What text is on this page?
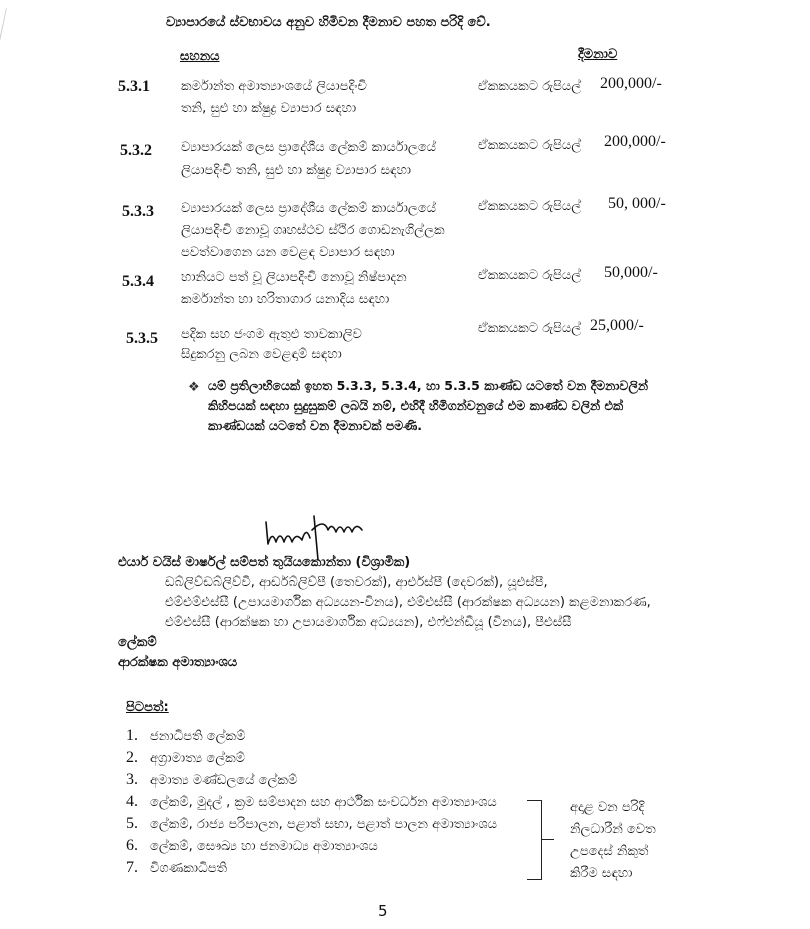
ව්‍යාපාරයේ ස්වභාවය අනුව හිමිවන දීමනාව පහත පරිදි වේ.
සහනය	දීමනාව
5.3.1 කර්මාන්ත අමාත්‍යාංශයේ ලියාපදිංචි
තනි, සුළු හා ක්ෂුද්‍ර ව්‍යාපාර සඳහා
ඒකකයකට රුපියල් 200,000/-
5.3.2 ව්‍යාපාරයක් ලෙස ප්‍රාදේශීය ලේකම් කාර්යාලයේ
ලියාපදිංචි තනි, සුළු හා ක්ෂුද්‍ර ව්‍යාපාර සඳහා
ඒකකයකට රුපියල් 200,000/-
5.3.3 ව්‍යාපාරයක් ලෙස ප්‍රාදේශීය ලේකම් කාර්යාලයේ
ලියාපදිංචි නොවූ ගෘහස්ථව ස්ථිර ගොඩනැගිල්ලක
පවත්වාගෙන යන වෙළඳ ව්‍යාපාර සඳහා
ඒකකයකට රුපියල් 50, 000/-
5.3.4 හානියට පත් වූ ලියාපදිංචි නොවූ නිෂ්පාදන
කර්මාන්ත හා හරිතාගාර යනාදිය සඳහා
ඒකකයකට රුපියල් 50,000/-
5.3.5 පදික සහ ජංගම ඇතුළු තාවකාලිව
සිදුකරනු ලබන වෙළඳාම් සඳහා
ඒකකයකට රුපියල් 25,000/-
❖ යම් ප්‍රතිලාභියෙක් ඉහත 5.3.3, 5.3.4, හා 5.3.5 කාණ්ඩ යටතේ වන දීමනාවලින්
කිහිපයක් සඳහා සුදුසුකම් ලබයි නම්, එහිදී හිමිගන්වනුයේ එම කාණ්ඩ වලින් එක්
කාණ්ඩයක් යටතේ වන දීමනාවක් පමණි.
එයාර් වයිස් මාර්ෂල් සම්පත් තුයියකොන්තා (විශ්‍රාමික)
ඩබ්ලිව්ඩබ්ලිව්වී, ආර්ඩබ්ලිව්පී (තෙවරක්), ආර්එස්පී (දෙවරක්), යූඑස්පී,
එම්එම්එස්සී (උපායමාර්ගික අධ්‍යයන-විනය), එම්එස්සී (ආරක්ෂක අධ්‍යයන) කළමනාකරණ,
එම්එස්සී (ආරක්ෂක හා උපායමාර්ගික අධ්‍යයන), එෆ්එන්ඩීයූ (විනය), පීඑස්සී
ලේකම්
ආරක්ෂක අමාත්‍යාංශය
පිටපත්:
1. ජනාධිපති ලේකම්
2. අග්‍රාමාත්‍ය ලේකම්
3. අමාත්‍ය මණ්ඩලයේ ලේකම්
4. ලේකම්, මුදල් , ක්‍රම සම්පාදන සහ ආර්ථික සංවර්ධන අමාත්‍යාංශය
5. ලේකම්, රාජ්‍ය පරිපාලන, පළාත් සභා, පළාත් පාලන අමාත්‍යාංශය
6. ලේකම්, සෞඛ්‍ය හා ජනමාධ්‍ය අමාත්‍යාංශය
7. විගණකාධිපති
අදාළ වන පරිදි
නිලධාරීන් වෙත
උපදෙස් නිකුත්
කිරීම සඳහා
5
